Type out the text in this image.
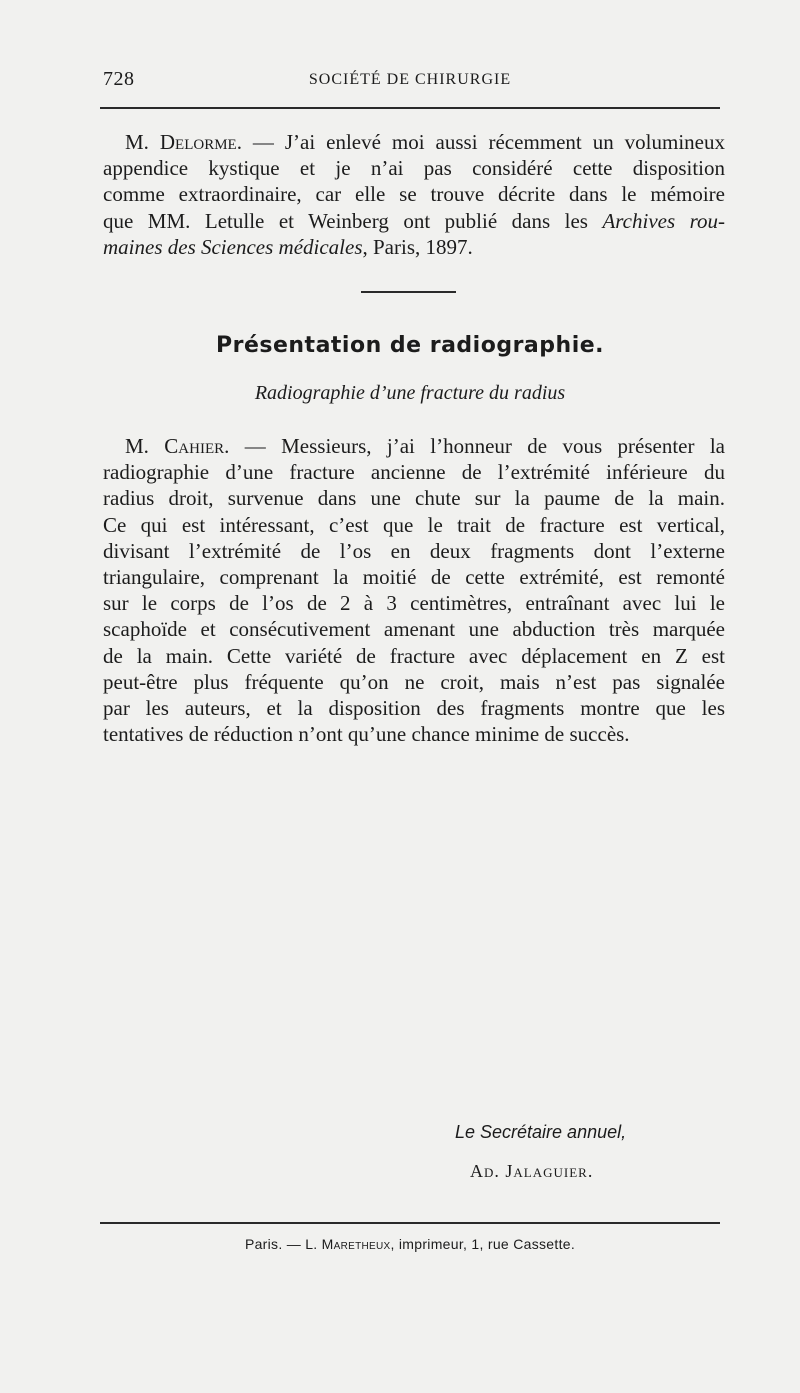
728	SOCIÉTÉ DE CHIRURGIE
M. Delorme. — J’ai enlevé moi aussi récemment un volumineux
appendice kystique et je n’ai pas considéré cette disposition
comme extraordinaire, car elle se trouve décrite dans le mémoire
que MM. Letulle et Weinberg ont publié dans les Archives rou-
maines des Sciences médicales, Paris, 1897.
Présentation de radiographie.
Radiographie d’une fracture du radius
M. Cahier. — Messieurs, j’ai l’honneur de vous présenter la
radiographie d’une fracture ancienne de l’extrémité inférieure du
radius droit, survenue dans une chute sur la paume de la main.
Ce qui est intéressant, c’est que le trait de fracture est vertical,
divisant l’extrémité de l’os en deux fragments dont l’externe
triangulaire, comprenant la moitié de cette extrémité, est remonté
sur le corps de l’os de 2 à 3 centimètres, entraînant avec lui le
scaphoïde et consécutivement amenant une abduction très marquée
de la main. Cette variété de fracture avec déplacement en Z est
peut-être plus fréquente qu’on ne croit, mais n’est pas signalée
par les auteurs, et la disposition des fragments montre que les
tentatives de réduction n’ont qu’une chance minime de succès.
Le Secrétaire annuel,
Ad. Jalaguier.
Paris. — L. Maretheux, imprimeur, 1, rue Cassette.
